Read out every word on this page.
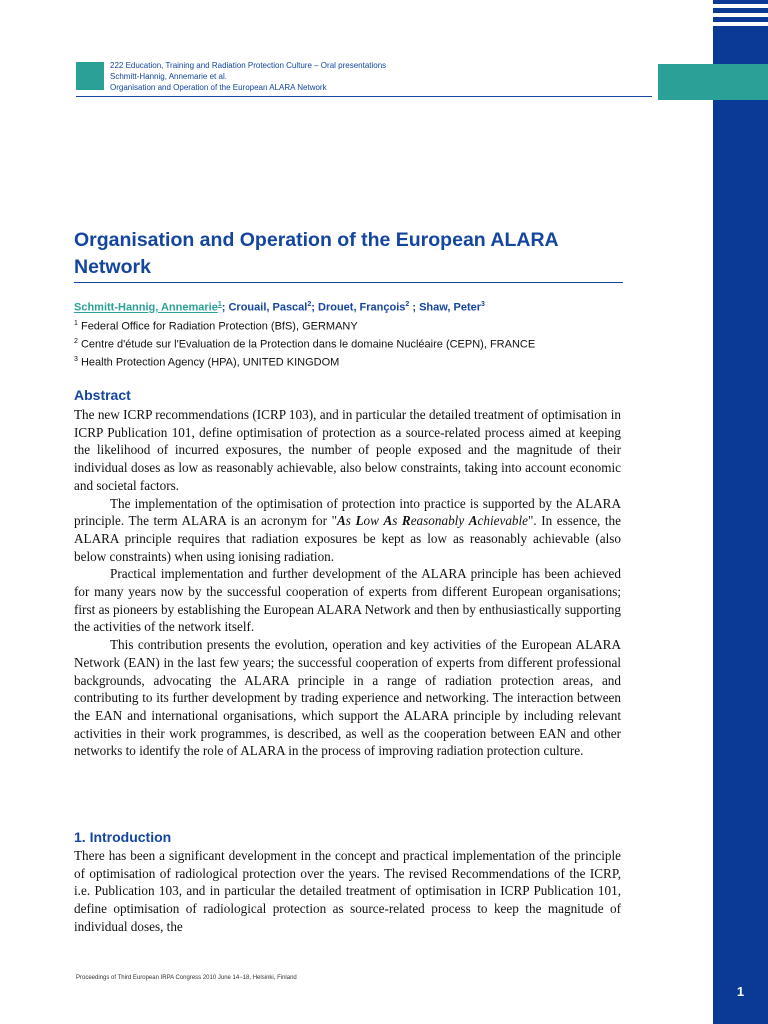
222 Education, Training and Radiation Protection Culture – Oral presentations
Schmitt-Hannig, Annemarie et al.
Organisation and Operation of the European ALARA Network
Organisation and Operation of the European ALARA Network
Schmitt-Hannig, Annemarie$^1$; Crouail, Pascal$^2$; Drouet, François$^2$ ; Shaw, Peter$^3$
$^1$ Federal Office for Radiation Protection (BfS), GERMANY
$^2$ Centre d'étude sur l'Evaluation de la Protection dans le domaine Nucléaire (CEPN), FRANCE
$^3$ Health Protection Agency (HPA), UNITED KINGDOM
Abstract

The new ICRP recommendations (ICRP 103), and in particular the detailed treatment of optimisation in ICRP Publication 101, define optimisation of protection as a source-related process aimed at keeping the likelihood of incurred exposures, the number of people exposed and the magnitude of their individual doses as low as reasonably achievable, also below constraints, taking into account economic and societal factors.

The implementation of the optimisation of protection into practice is supported by the ALARA principle. The term ALARA is an acronym for "As Low As Reasonably Achievable". In essence, the ALARA principle requires that radiation exposures be kept as low as reasonably achievable (also below constraints) when using ionising radiation.

Practical implementation and further development of the ALARA principle has been achieved for many years now by the successful cooperation of experts from different European organisations; first as pioneers by establishing the European ALARA Network and then by enthusiastically supporting the activities of the network itself.

This contribution presents the evolution, operation and key activities of the European ALARA Network (EAN) in the last few years; the successful cooperation of experts from different professional backgrounds, advocating the ALARA principle in a range of radiation protection areas, and contributing to its further development by trading experience and networking. The interaction between the EAN and international organisations, which support the ALARA principle by including relevant activities in their work programmes, is described, as well as the cooperation between EAN and other networks to identify the role of ALARA in the process of improving radiation protection culture.

1. Introduction

There has been a significant development in the concept and practical implementation of the principle of optimisation of radiological protection over the years. The revised Recommendations of the ICRP, i.e. Publication 103, and in particular the detailed treatment of optimisation in ICRP Publication 101, define optimisation of radiological protection as source-related process to keep the magnitude of individual doses, the

Proceedings of Third European IRPA Congress 2010 June 14−18, Helsinki, Finland
1
